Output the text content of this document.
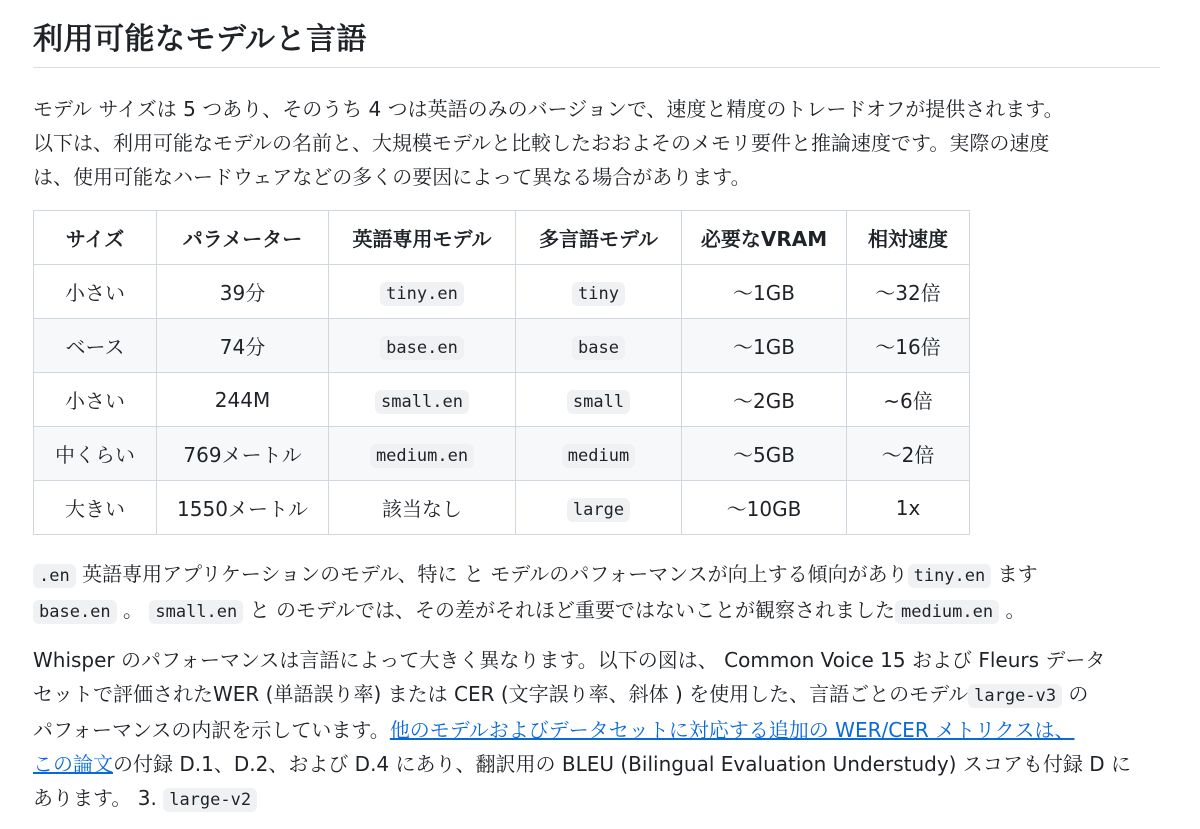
利用可能なモデルと言語

モデル サイズは 5 つあり、そのうち 4 つは英語のみのバージョンで、速度と精度のトレードオフが提供されます。
以下は、利用可能なモデルの名前と、大規模モデルと比較したおおよそのメモリ要件と推論速度です。実際の速度
は、使用可能なハードウェアなどの多くの要因によって異なる場合があります。

サイズ	パラメーター	英語専用モデル	多言語モデル	必要なVRAM	相対速度
小さい	39分	tiny.en	tiny	～1GB	～32倍
ベース	74分	base.en	base	～1GB	～16倍
小さい	244M	small.en	small	～2GB	~6倍
中くらい	769メートル	medium.en	medium	～5GB	～2倍
大きい	1550メートル	該当なし	large	～10GB	1x

.en 英語専用アプリケーションのモデル、特に と モデルのパフォーマンスが向上する傾向があり tiny.en ます
base.en 。 small.en と のモデルでは、その差がそれほど重要ではないことが観察されました medium.en 。

Whisper のパフォーマンスは言語によって大きく異なります。以下の図は、 Common Voice 15 および Fleurs データ
セットで評価されたWER (単語誤り率) または CER (文字誤り率、斜体 ) を使用した、言語ごとのモデル large-v3 の
パフォーマンスの内訳を示しています。他のモデルおよびデータセットに対応する追加の WER/CER メトリクスは、
この論文の付録 D.1、D.2、および D.4 にあり、翻訳用の BLEU (Bilingual Evaluation Understudy) スコアも付録 D に
あります。 3. large-v2
